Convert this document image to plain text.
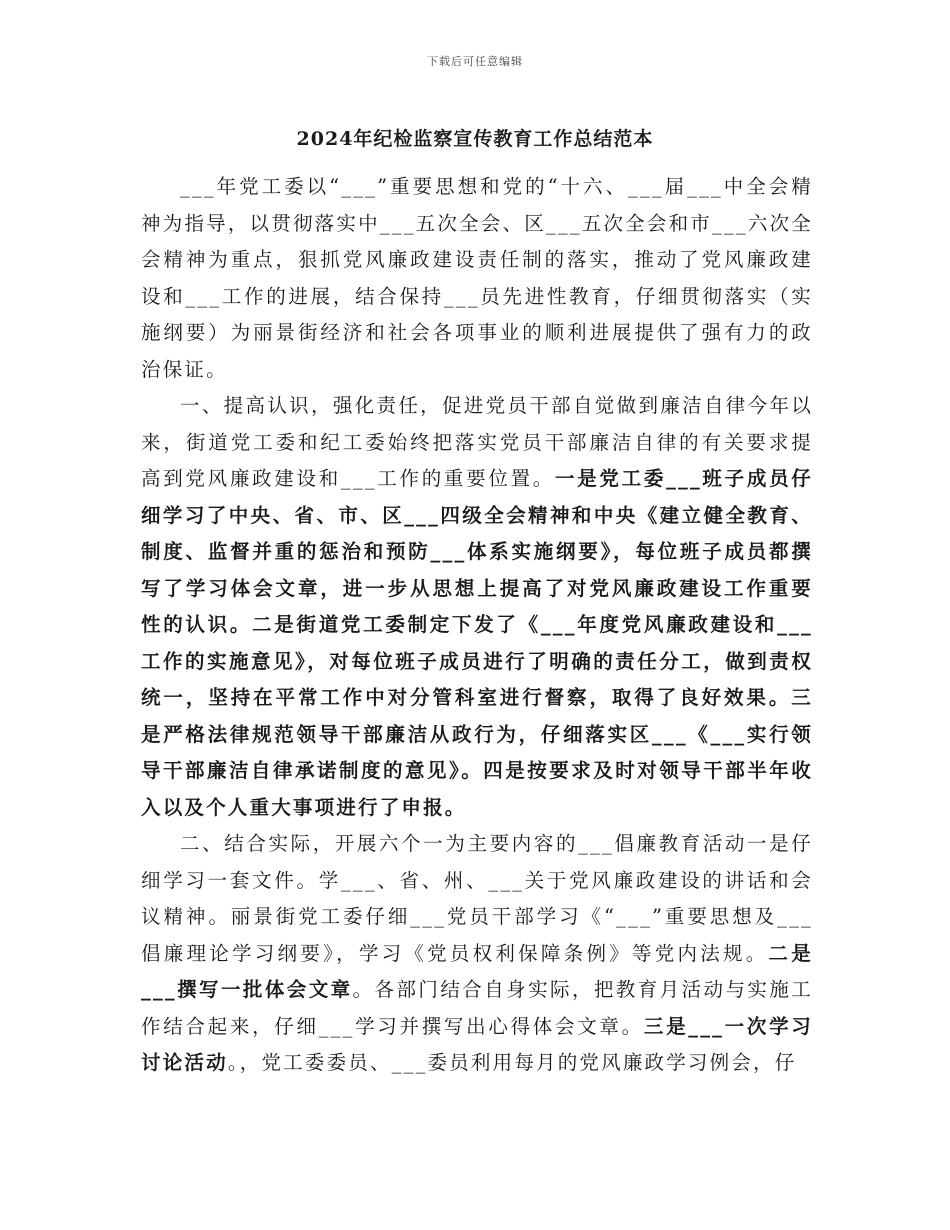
下载后可任意编辑
2024年纪检监察宣传教育工作总结范本

___年党工委以“___”重要思想和党的“十六、___届___中全会精神为指导，以贯彻落实中___五次全会、区___五次全会和市___六次全会精神为重点，狠抓党风廉政建设责任制的落实，推动了党风廉政建设和___工作的进展，结合保持___员先进性教育，仔细贯彻落实（实施纲要）为丽景街经济和社会各项事业的顺利进展提供了强有力的政治保证。

一、提高认识，强化责任，促进党员干部自觉做到廉洁自律今年以来，街道党工委和纪工委始终把落实党员干部廉洁自律的有关要求提高到党风廉政建设和___工作的重要位置。一是党工委___班子成员仔细学习了中央、省、市、区___四级全会精神和中央《建立健全教育、制度、监督并重的惩治和预防___体系实施纲要》，每位班子成员都撰写了学习体会文章，进一步从思想上提高了对党风廉政建设工作重要性的认识。二是街道党工委制定下发了《___年度党风廉政建设和___工作的实施意见》，对每位班子成员进行了明确的责任分工，做到责权统一，坚持在平常工作中对分管科室进行督察，取得了良好效果。三是严格法律规范领导干部廉洁从政行为，仔细落实区___《___实行领导干部廉洁自律承诺制度的意见》。四是按要求及时对领导干部半年收入以及个人重大事项进行了申报。

二、结合实际，开展六个一为主要内容的___倡廉教育活动一是仔细学习一套文件。学___、省、州、___关于党风廉政建设的讲话和会议精神。丽景街党工委仔细___党员干部学习《“___”重要思想及___倡廉理论学习纲要》，学习《党员权利保障条例》等党内法规。二是___撰写一批体会文章。各部门结合自身实际，把教育月活动与实施工作结合起来，仔细___学习并撰写出心得体会文章。三是___一次学习讨论活动。，党工委委员、___委员利用每月的党风廉政学习例会，仔
